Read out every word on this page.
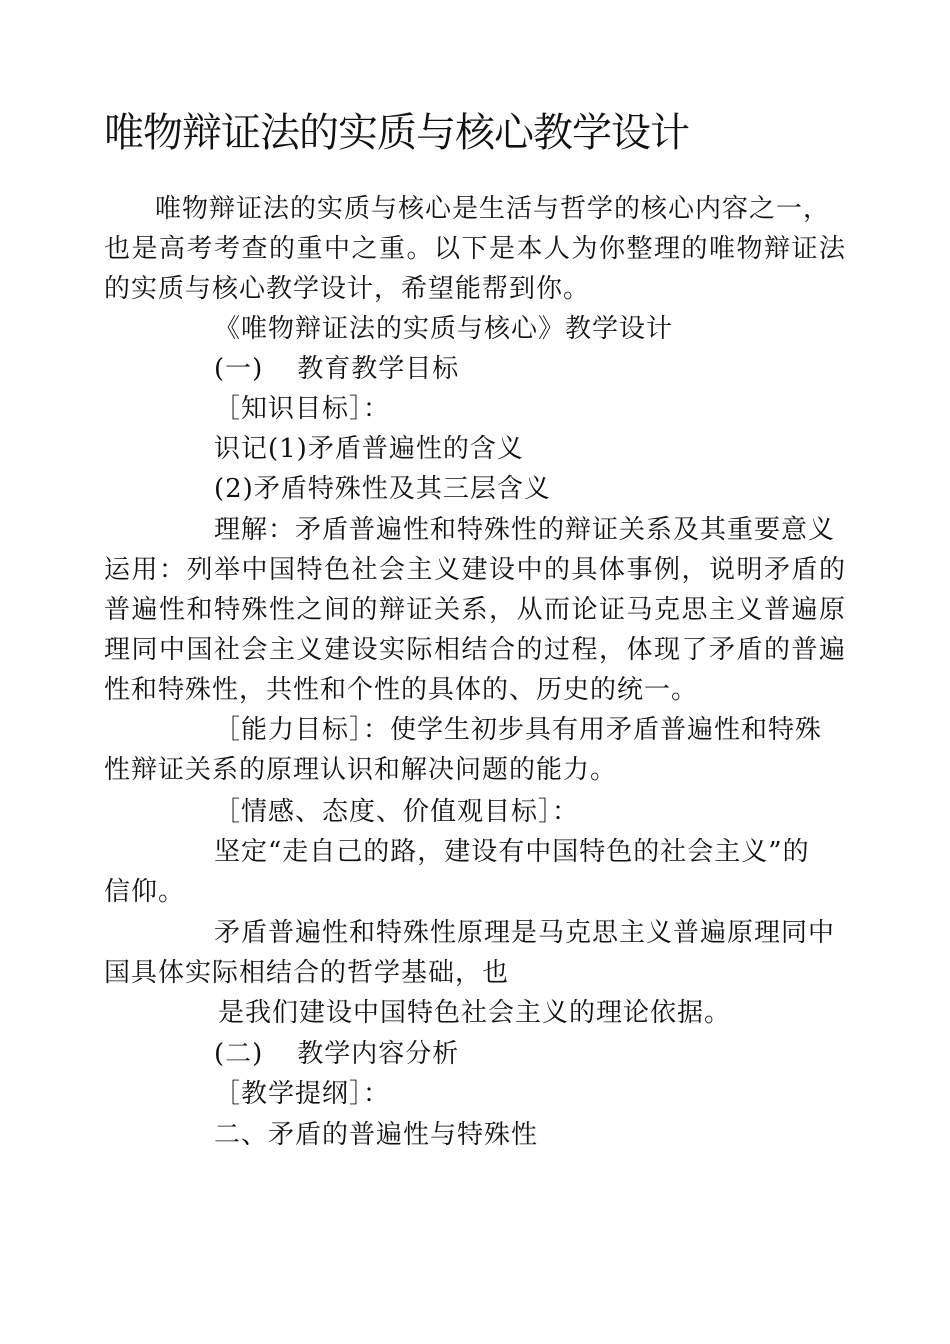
唯物辩证法的实质与核心教学设计
唯物辩证法的实质与核心是生活与哲学的核心内容之一，
也是高考考查的重中之重。以下是本人为你整理的唯物辩证法
的实质与核心教学设计，希望能帮到你。
《唯物辩证法的实质与核心》教学设计
(一) 教育教学目标
［知识目标］：
识记(1)矛盾普遍性的含义
(2)矛盾特殊性及其三层含义
理解：矛盾普遍性和特殊性的辩证关系及其重要意义
运用：列举中国特色社会主义建设中的具体事例，说明矛盾的
普遍性和特殊性之间的辩证关系，从而论证马克思主义普遍原
理同中国社会主义建设实际相结合的过程，体现了矛盾的普遍
性和特殊性，共性和个性的具体的、历史的统一。
［能力目标］：使学生初步具有用矛盾普遍性和特殊
性辩证关系的原理认识和解决问题的能力。
［情感、态度、价值观目标］：
坚定“走自己的路，建设有中国特色的社会主义”的
信仰。
矛盾普遍性和特殊性原理是马克思主义普遍原理同中
国具体实际相结合的哲学基础，也
是我们建设中国特色社会主义的理论依据。
(二) 教学内容分析
［教学提纲］：
二、矛盾的普遍性与特殊性
